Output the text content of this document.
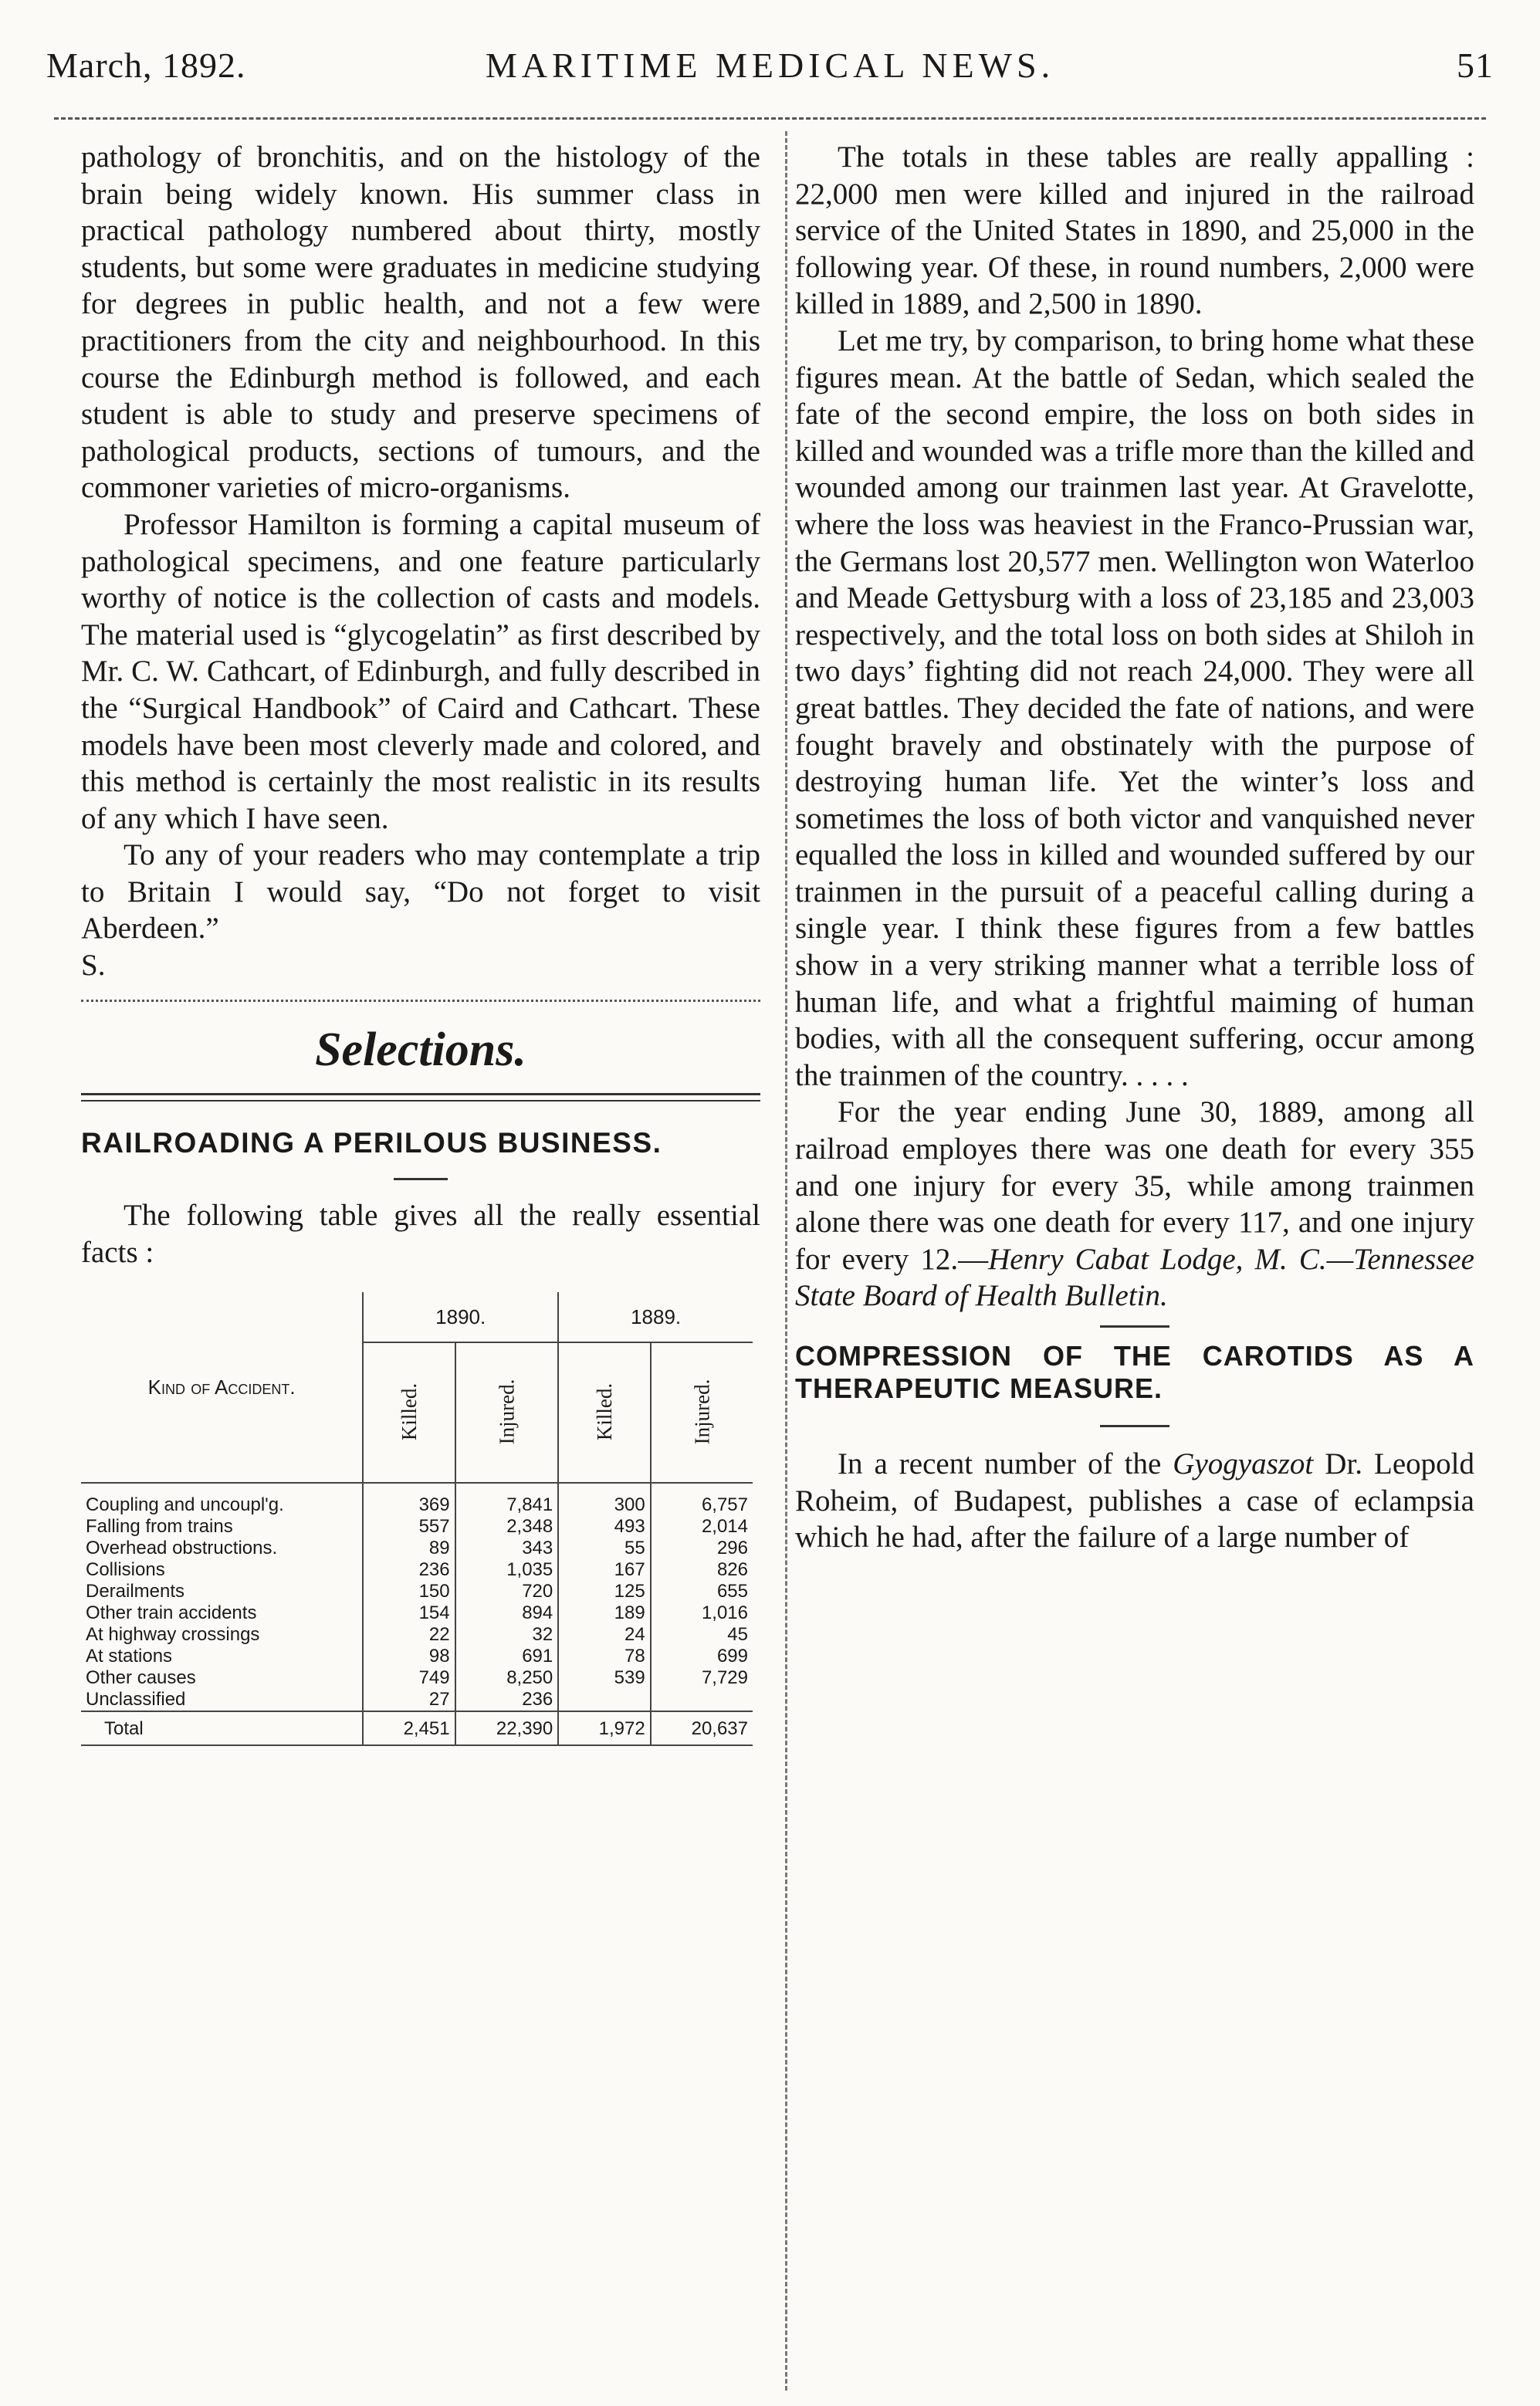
March, 1892.	MARITIME MEDICAL NEWS.	51

pathology of bronchitis, and on the histology of the brain being widely known. His summer class in practical pathology numbered about thirty, mostly students, but some were graduates in medicine studying for degrees in public health, and not a few were practitioners from the city and neighbourhood. In this course the Edinburgh method is followed, and each student is able to study and preserve specimens of pathological products, sections of tumours, and the commoner varieties of micro-organisms.

Professor Hamilton is forming a capital museum of pathological specimens, and one feature particularly worthy of notice is the collection of casts and models. The material used is “glycogelatin” as first described by Mr. C. W. Cathcart, of Edinburgh, and fully described in the “Surgical Handbook” of Caird and Cathcart. These models have been most cleverly made and colored, and this method is certainly the most realistic in its results of any which I have seen.

To any of your readers who may contemplate a trip to Britain I would say, “Do not forget to visit Aberdeen.”

S.

Selections.

RAILROADING A PERILOUS BUSINESS.

The following table gives all the really essential facts :

Kind of Accident.	1890.		1889.	
	Killed.	Injured.	Killed.	Injured.
Coupling and uncoupl'g.	369	7,841	300	6,757
Falling from trains	557	2,348	493	2,014
Overhead obstructions.	89	343	55	296
Collisions	236	1,035	167	826
Derailments	150	720	125	655
Other train accidents	154	894	189	1,016
At highway crossings	22	32	24	45
At stations	98	691	78	699
Other causes	749	8,250	539	7,729
Unclassified	27	236		
Total	2,451	22,390	1,972	20,637

The totals in these tables are really appalling : 22,000 men were killed and injured in the railroad service of the United States in 1890, and 25,000 in the following year. Of these, in round numbers, 2,000 were killed in 1889, and 2,500 in 1890.

Let me try, by comparison, to bring home what these figures mean. At the battle of Sedan, which sealed the fate of the second empire, the loss on both sides in killed and wounded was a trifle more than the killed and wounded among our trainmen last year. At Gravelotte, where the loss was heaviest in the Franco-Prussian war, the Germans lost 20,577 men. Wellington won Waterloo and Meade Gettysburg with a loss of 23,185 and 23,003 respectively, and the total loss on both sides at Shiloh in two days’ fighting did not reach 24,000. They were all great battles. They decided the fate of nations, and were fought bravely and obstinately with the purpose of destroying human life. Yet the winter’s loss and sometimes the loss of both victor and vanquished never equalled the loss in killed and wounded suffered by our trainmen in the pursuit of a peaceful calling during a single year. I think these figures from a few battles show in a very striking manner what a terrible loss of human life, and what a frightful maiming of human bodies, with all the consequent suffering, occur among the trainmen of the country. . . . .

For the year ending June 30, 1889, among all railroad employes there was one death for every 355 and one injury for every 35, while among trainmen alone there was one death for every 117, and one injury for every 12.—Henry Cabat Lodge, M. C.—Tennessee State Board of Health Bulletin.

COMPRESSION OF THE CAROTIDS AS A THERAPEUTIC MEASURE.

In a recent number of the Gyogyaszot Dr. Leopold Roheim, of Budapest, publishes a case of eclampsia which he had, after the failure of a large number of
